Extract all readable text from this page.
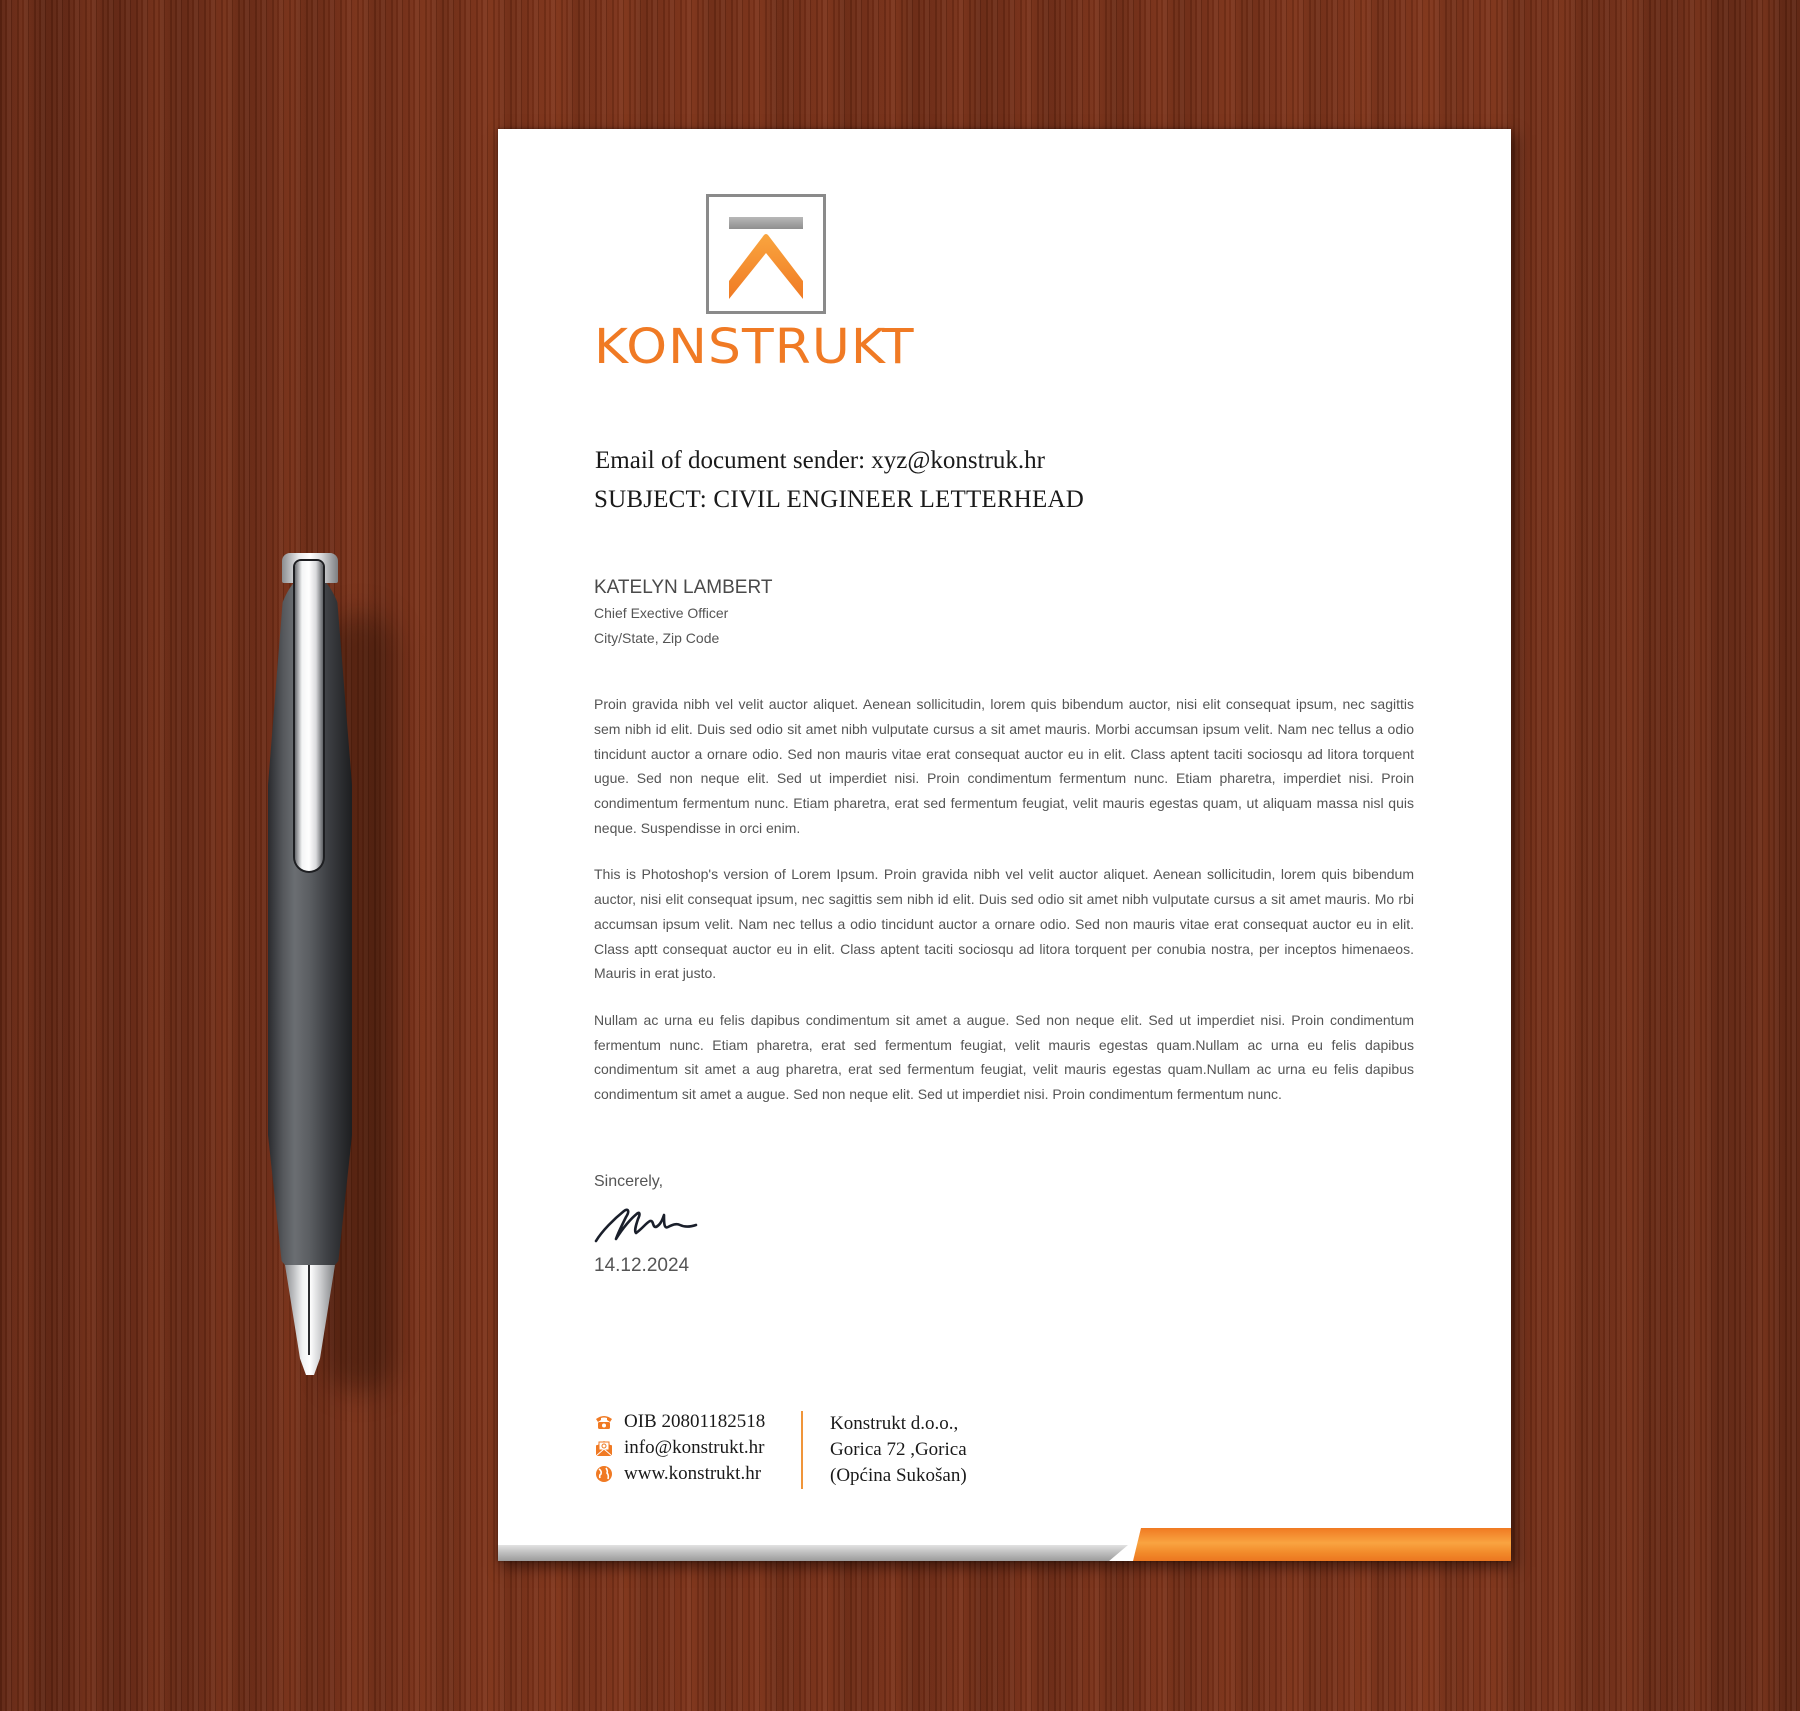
KONSTRUKT
Email of document sender: xyz@konstruk.hr
SUBJECT: CIVIL ENGINEER LETTERHEAD
KATELYN LAMBERT
Chief Exective Officer
City/State, Zip Code

Proin gravida nibh vel velit auctor aliquet. Aenean sollicitudin, lorem quis bibendum auctor, nisi elit consequat ipsum, nec sagittis sem nibh id elit. Duis sed odio sit amet nibh vulputate cursus a sit amet mauris. Morbi accumsan ipsum velit. Nam nec tellus a odio tincidunt auctor a ornare odio. Sed non mauris vitae erat consequat auctor eu in elit. Class aptent taciti sociosqu ad litora torquent ugue. Sed non neque elit. Sed ut imperdiet nisi. Proin condimentum fermentum nunc. Etiam pharetra, imperdiet nisi. Proin condimentum fermentum nunc. Etiam pharetra, erat sed fermentum feugiat, velit mauris egestas quam, ut aliquam massa nisl quis neque. Suspendisse in orci enim.

This is Photoshop's version of Lorem Ipsum. Proin gravida nibh vel velit auctor aliquet. Aenean sollicitudin, lorem quis bibendum auctor, nisi elit consequat ipsum, nec sagittis sem nibh id elit. Duis sed odio sit amet nibh vulputate cursus a sit amet mauris. Mo rbi accumsan ipsum velit. Nam nec tellus a odio tincidunt auctor a ornare odio. Sed non mauris vitae erat consequat auctor eu in elit. Class aptt consequat auctor eu in elit. Class aptent taciti sociosqu ad litora torquent per conubia nostra, per inceptos himenaeos. Mauris in erat justo.

Nullam ac urna eu felis dapibus condimentum sit amet a augue. Sed non neque elit. Sed ut imperdiet nisi. Proin condimentum fermentum nunc. Etiam pharetra, erat sed fermentum feugiat, velit mauris egestas quam.Nullam ac urna eu felis dapibus condimentum sit amet a aug pharetra, erat sed fermentum feugiat, velit mauris egestas quam.Nullam ac urna eu felis dapibus condimentum sit amet a augue. Sed non neque elit. Sed ut imperdiet nisi. Proin condimentum fermentum nunc.

Sincerely,
14.12.2024
OIB 20801182518
info@konstrukt.hr
www.konstrukt.hr
Konstrukt d.o.o.,
Gorica 72 ,Gorica
(Općina Sukošan)
